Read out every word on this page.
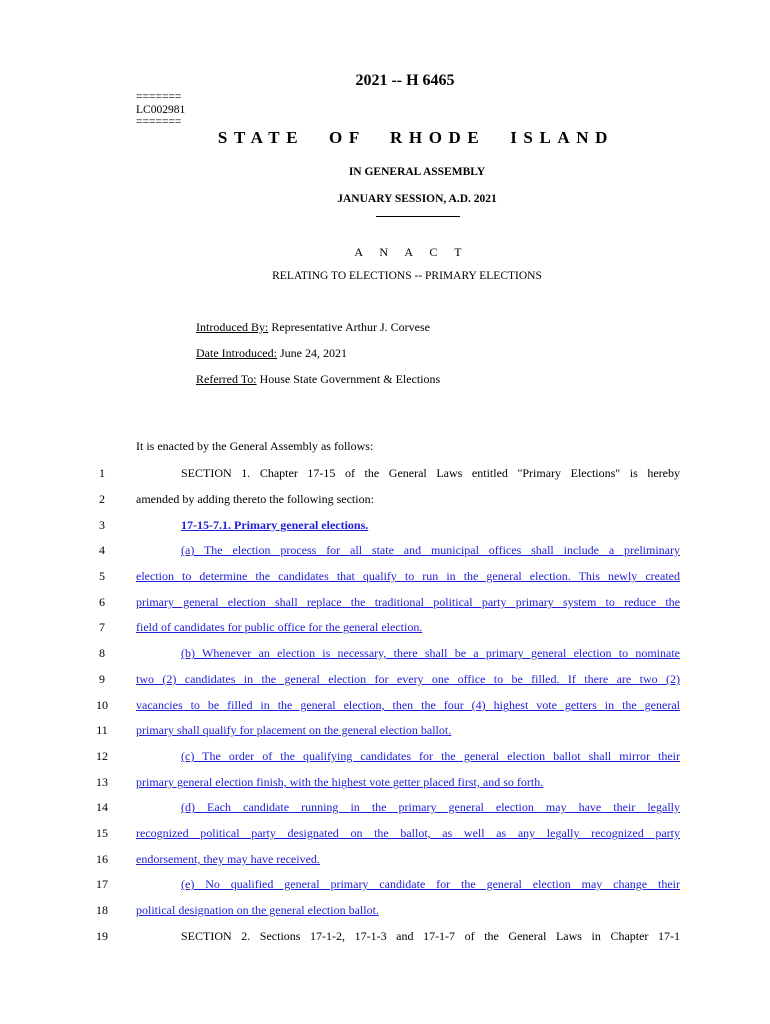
2021 -- H 6465
=======
LC002981
=======
STATE OF RHODE ISLAND
IN GENERAL ASSEMBLY
JANUARY SESSION, A.D. 2021
A N A C T
RELATING TO ELECTIONS -- PRIMARY ELECTIONS
Introduced By: Representative Arthur J. Corvese
Date Introduced: June 24, 2021
Referred To: House State Government & Elections
It is enacted by the General Assembly as follows:
1	SECTION 1. Chapter 17-15 of the General Laws entitled "Primary Elections" is hereby
2	amended by adding thereto the following section:
3	17-15-7.1. Primary general elections.
4	(a) The election process for all state and municipal offices shall include a preliminary
5	election to determine the candidates that qualify to run in the general election. This newly created
6	primary general election shall replace the traditional political party primary system to reduce the
7	field of candidates for public office for the general election.
8	(b) Whenever an election is necessary, there shall be a primary general election to nominate
9	two (2) candidates in the general election for every one office to be filled. If there are two (2)
10	vacancies to be filled in the general election, then the four (4) highest vote getters in the general
11	primary shall qualify for placement on the general election ballot.
12	(c) The order of the qualifying candidates for the general election ballot shall mirror their
13	primary general election finish, with the highest vote getter placed first, and so forth.
14	(d) Each candidate running in the primary general election may have their legally
15	recognized political party designated on the ballot, as well as any legally recognized party
16	endorsement, they may have received.
17	(e) No qualified general primary candidate for the general election may change their
18	political designation on the general election ballot.
19	SECTION 2. Sections 17-1-2, 17-1-3 and 17-1-7 of the General Laws in Chapter 17-1
